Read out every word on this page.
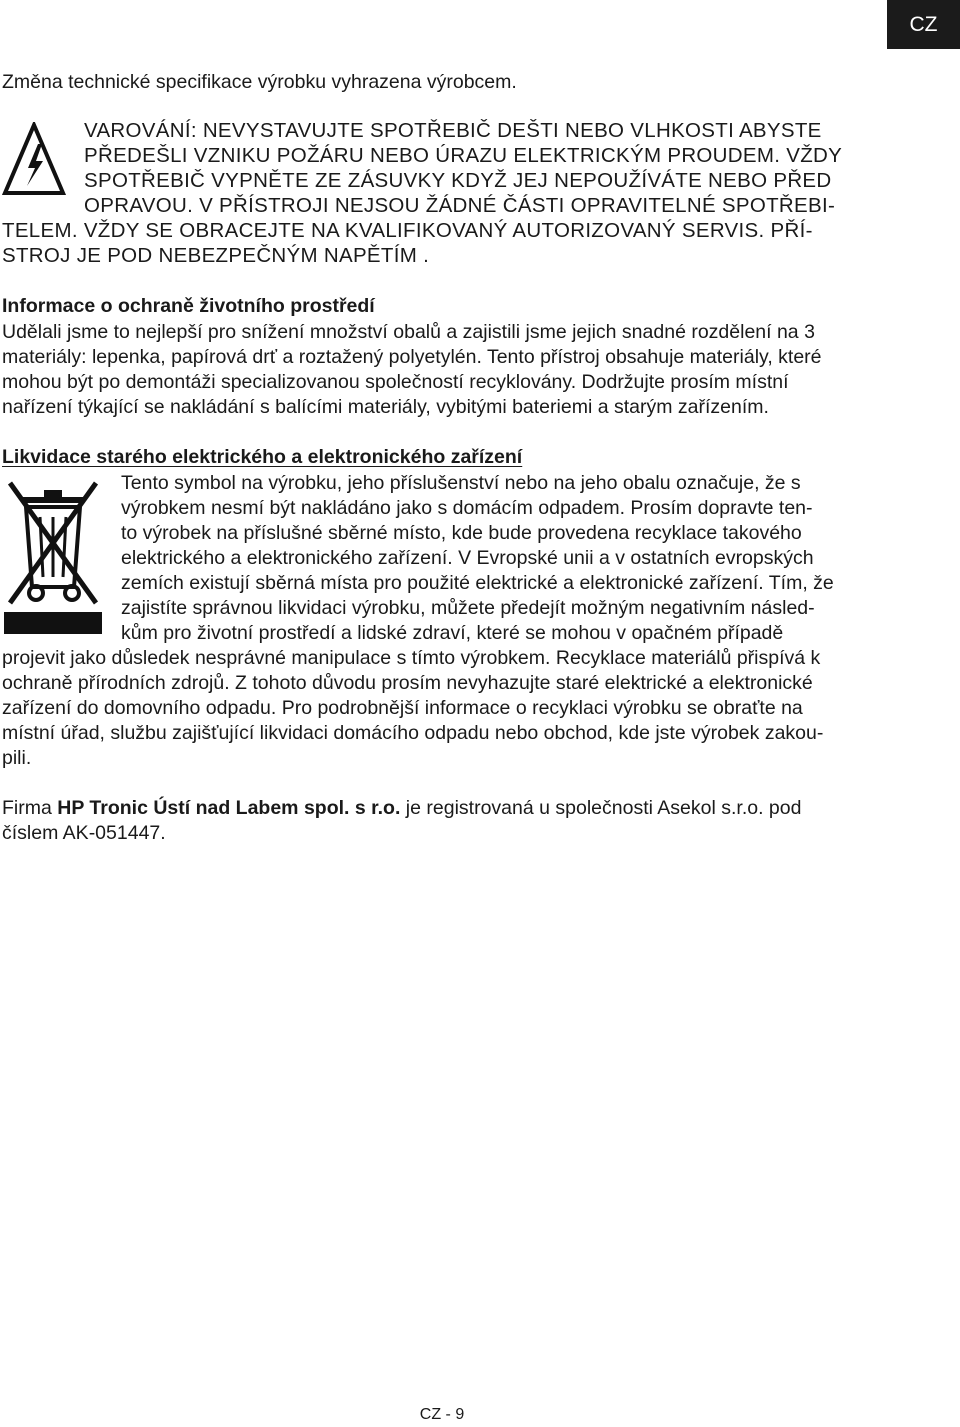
CZ
Změna technické specifikace výrobku vyhrazena výrobcem.
VAROVÁNÍ: NEVYSTAVUJTE SPOTŘEBIČ DEŠTI NEBO VLHKOSTI ABYSTE
PŘEDEŠLI VZNIKU POŽÁRU NEBO ÚRAZU ELEKTRICKÝM PROUDEM. VŽDY
SPOTŘEBIČ VYPNĚTE ZE ZÁSUVKY KDYŽ JEJ NEPOUŽÍVÁTE NEBO PŘED
OPRAVOU. V PŘÍSTROJI NEJSOU ŽÁDNÉ ČÁSTI OPRAVITELNÉ SPOTŘEBI-
TELEM. VŽDY SE OBRACEJTE NA KVALIFIKOVANÝ AUTORIZOVANÝ SERVIS. PŘÍ-
STROJ JE POD NEBEZPEČNÝM NAPĚTÍM .
Informace o ochraně životního prostředí
Udělali jsme to nejlepší pro snížení množství obalů a zajistili jsme jejich snadné rozdělení na 3
materiály: lepenka, papírová drť a roztažený polyetylén. Tento přístroj obsahuje materiály, které
mohou být po demontáži specializovanou společností recyklovány. Dodržujte prosím místní
nařízení týkající se nakládání s balícími materiály, vybitými bateriemi a starým zařízením.
Likvidace starého elektrického a elektronického zařízení
Tento symbol na výrobku, jeho příslušenství nebo na jeho obalu označuje, že s
výrobkem nesmí být nakládáno jako s domácím odpadem. Prosím dopravte ten-
to výrobek na příslušné sběrné místo, kde bude provedena recyklace takového
elektrického a elektronického zařízení. V Evropské unii a v ostatních evropských
zemích existují sběrná místa pro použité elektrické a elektronické zařízení. Tím, že
zajistíte správnou likvidaci výrobku, můžete předejít možným negativním násled-
kům pro životní prostředí a lidské zdraví, které se mohou v opačném případě
projevit jako důsledek nesprávné manipulace s tímto výrobkem. Recyklace materiálů přispívá k
ochraně přírodních zdrojů. Z tohoto důvodu prosím nevyhazujte staré elektrické a elektronické
zařízení do domovního odpadu. Pro podrobnější informace o recyklaci výrobku se obraťte na
místní úřad, službu zajišťující likvidaci domácího odpadu nebo obchod, kde jste výrobek zakou-
pili.
Firma HP Tronic Ústí nad Labem spol. s r.o. je registrovaná u společnosti Asekol s.r.o. pod
číslem AK-051447.
CZ - 9
